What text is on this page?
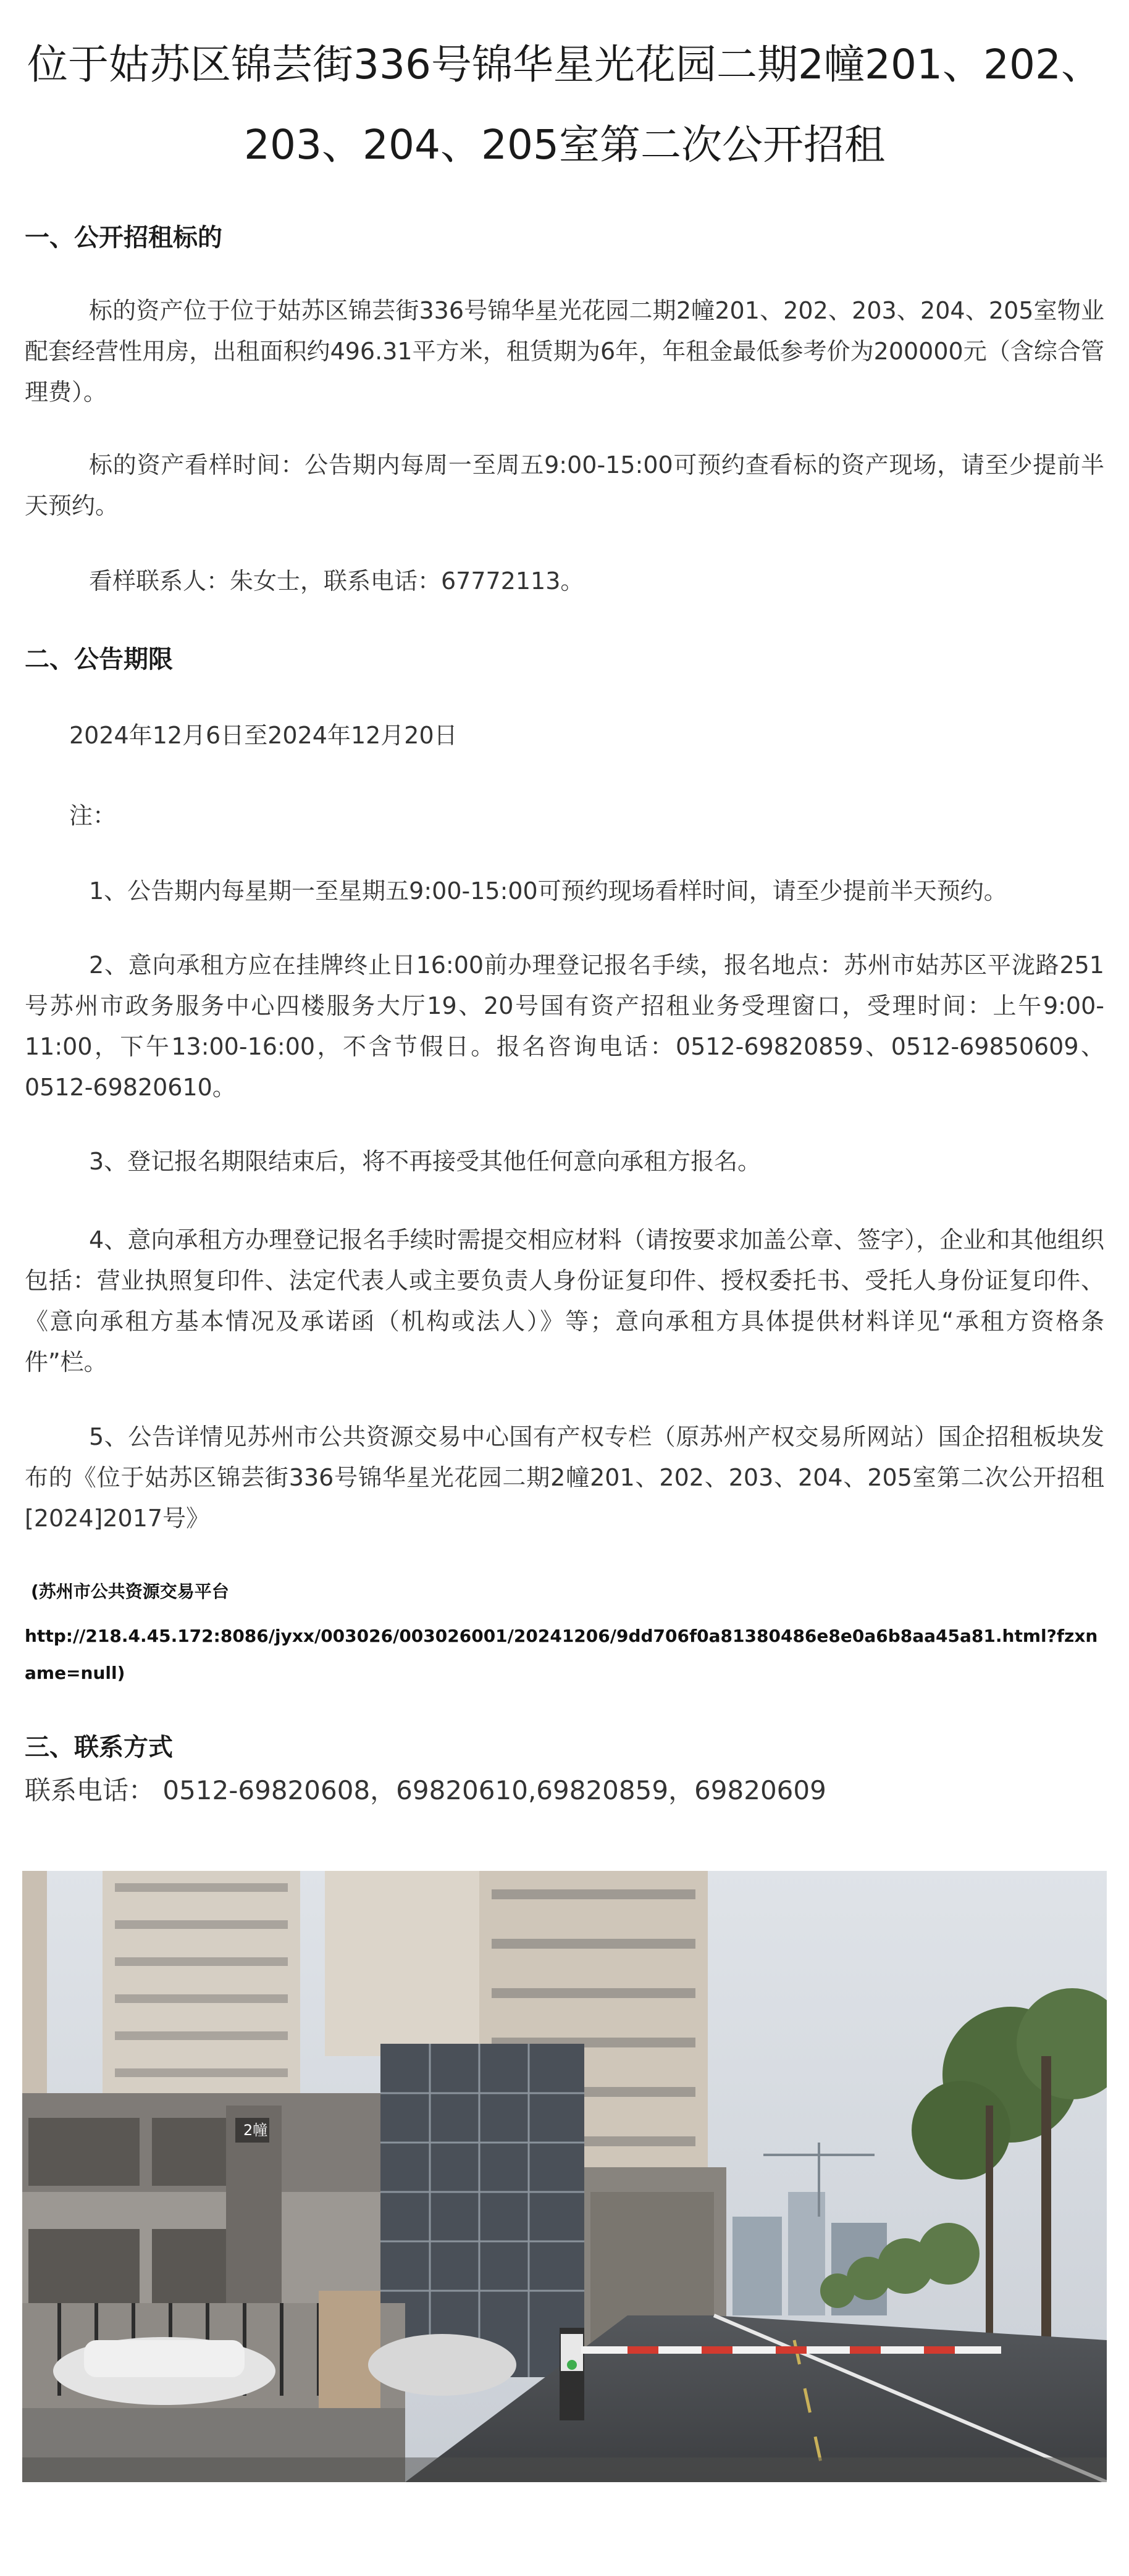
位于姑苏区锦芸街336号锦华星光花园二期2幢201、202、203、204、205室第二次公开招租
一、公开招租标的

标的资产位于位于姑苏区锦芸街336号锦华星光花园二期2幢201、202、203、204、205室物业配套经营性用房，出租面积约496.31平方米，租赁期为6年，年租金最低参考价为200000元（含综合管理费）。

标的资产看样时间：公告期内每周一至周五9:00-15:00可预约查看标的资产现场，请至少提前半天预约。

看样联系人：朱女士，联系电话：67772113。

二、公告期限

2024年12月6日至2024年12月20日

注：

1、公告期内每星期一至星期五9:00-15:00可预约现场看样时间，请至少提前半天预约。

2、意向承租方应在挂牌终止日16:00前办理登记报名手续，报名地点：苏州市姑苏区平泷路251号苏州市政务服务中心四楼服务大厅19、20号国有资产招租业务受理窗口，受理时间：上午9:00-11:00，下午13:00-16:00，不含节假日。报名咨询电话：0512-69820859、0512-69850609、0512-69820610。

3、登记报名期限结束后，将不再接受其他任何意向承租方报名。

4、意向承租方办理登记报名手续时需提交相应材料（请按要求加盖公章、签字），企业和其他组织包括：营业执照复印件、法定代表人或主要负责人身份证复印件、授权委托书、受托人身份证复印件、《意向承租方基本情况及承诺函（机构或法人）》等；意向承租方具体提供材料详见“承租方资格条件”栏。

5、公告详情见苏州市公共资源交易中心国有产权专栏（原苏州产权交易所网站）国企招租板块发布的《位于姑苏区锦芸街336号锦华星光花园二期2幢201、202、203、204、205室第二次公开招租[2024]2017号》

(苏州市公共资源交易平台
http://218.4.45.172:8086/jyxx/003026/003026001/20241206/9dd706f0a81380486e8e0a6b8aa45a81.html?fzxname=null)
三、联系方式
联系电话： 0512-69820608，69820610,69820859，69820609
2幢
